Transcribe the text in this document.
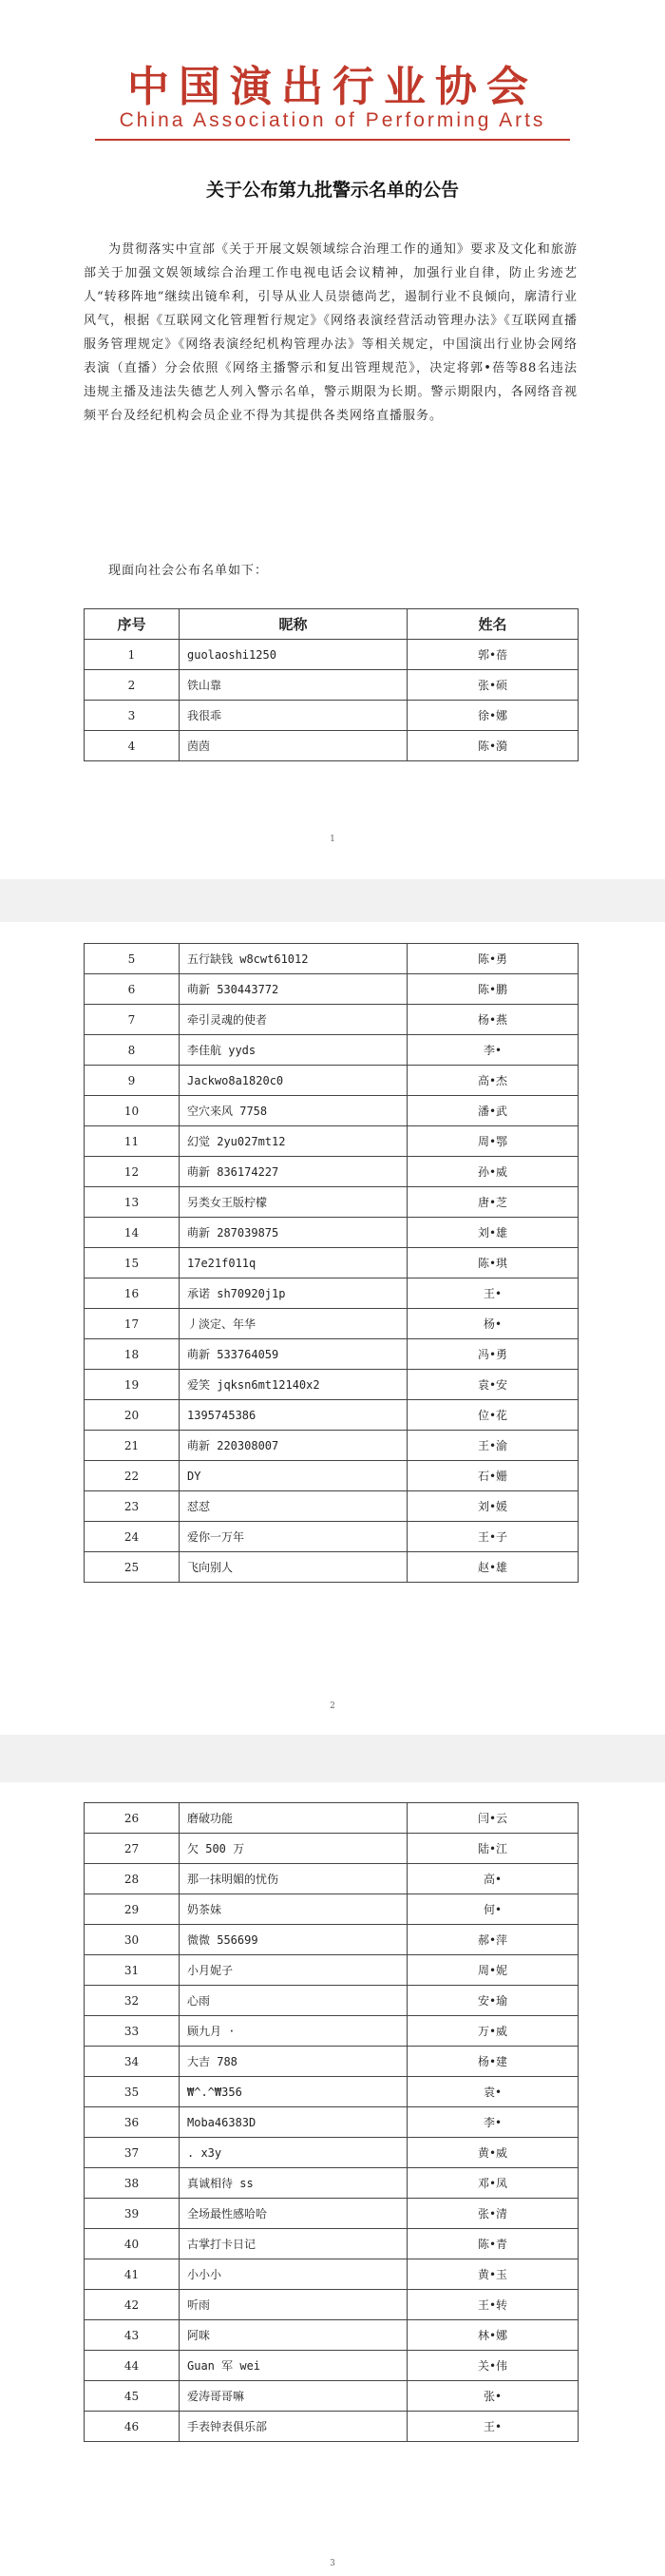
中国演出行业协会
China Association of Performing Arts
关于公布第九批警示名单的公告
为贯彻落实中宣部《关于开展文娱领域综合治理工作的通知》要求及文化和旅游部关于加强文娱领域综合治理工作电视电话会议精神，加强行业自律，防止劣迹艺人“转移阵地”继续出镜牟利，引导从业人员崇德尚艺，遏制行业不良倾向，廓清行业风气，根据《互联网文化管理暂行规定》《网络表演经营活动管理办法》《互联网直播服务管理规定》《网络表演经纪机构管理办法》等相关规定，中国演出行业协会网络表演（直播）分会依照《网络主播警示和复出管理规范》，决定将郭•蓓等88名违法违规主播及违法失德艺人列入警示名单，警示期限为长期。警示期限内，各网络音视频平台及经纪机构会员企业不得为其提供各类网络直播服务。
现面向社会公布名单如下：
序号	昵称	姓名
1	guolaoshi1250	郭•蓓
2	铁山靠	张•硕
3	我很乖	徐•娜
4	茵茵	陈•漪
1
5	五行缺钱 w8cwt61012	陈•勇
6	萌新 530443772	陈•鹏
7	牵引灵魂的使者	杨•燕
8	李佳航 yyds	李•
9	Jackwo8a1820c0	高•杰
10	空穴来风 7758	潘•武
11	幻觉 2yu027mt12	周•鄂
12	萌新 836174227	孙•威
13	另类女王版柠檬	唐•芝
14	萌新 287039875	刘•雄
15	17e21f011q	陈•琪
16	承诺 sh70920j1p	王•
17	丿淡定、年华	杨•
18	萌新 533764059	冯•勇
19	爱笑 jqksn6mt12140x2	袁•安
20	1395745386	位•花
21	萌新 220308007	王•渝
22	DY	石•姗
23	怼怼	刘•媛
24	爱你一万年	王•子
25	飞向别人	赵•雄
2
26	磨破功能	闫•云
27	欠 500 万	陆•江
28	那一抹明媚的忧伤	高•
29	奶茶妹	何•
30	微微 556699	郝•萍
31	小月妮子	周•妮
32	心雨	安•瑜
33	顾九月 ·	万•威
34	大吉 788	杨•建
35	₩^.^₩356	袁•
36	Moba46383D	李•
37	. x3y	黄•威
38	真诚相待 ss	邓•凤
39	全场最性感哈哈	张•清
40	古掌打卡日记	陈•青
41	小小小	黄•玉
42	听雨	王•转
43	阿咪	林•娜
44	Guan 军 wei	关•伟
45	爱涛哥哥嘛	张•
46	手表钟表俱乐部	王•
3
